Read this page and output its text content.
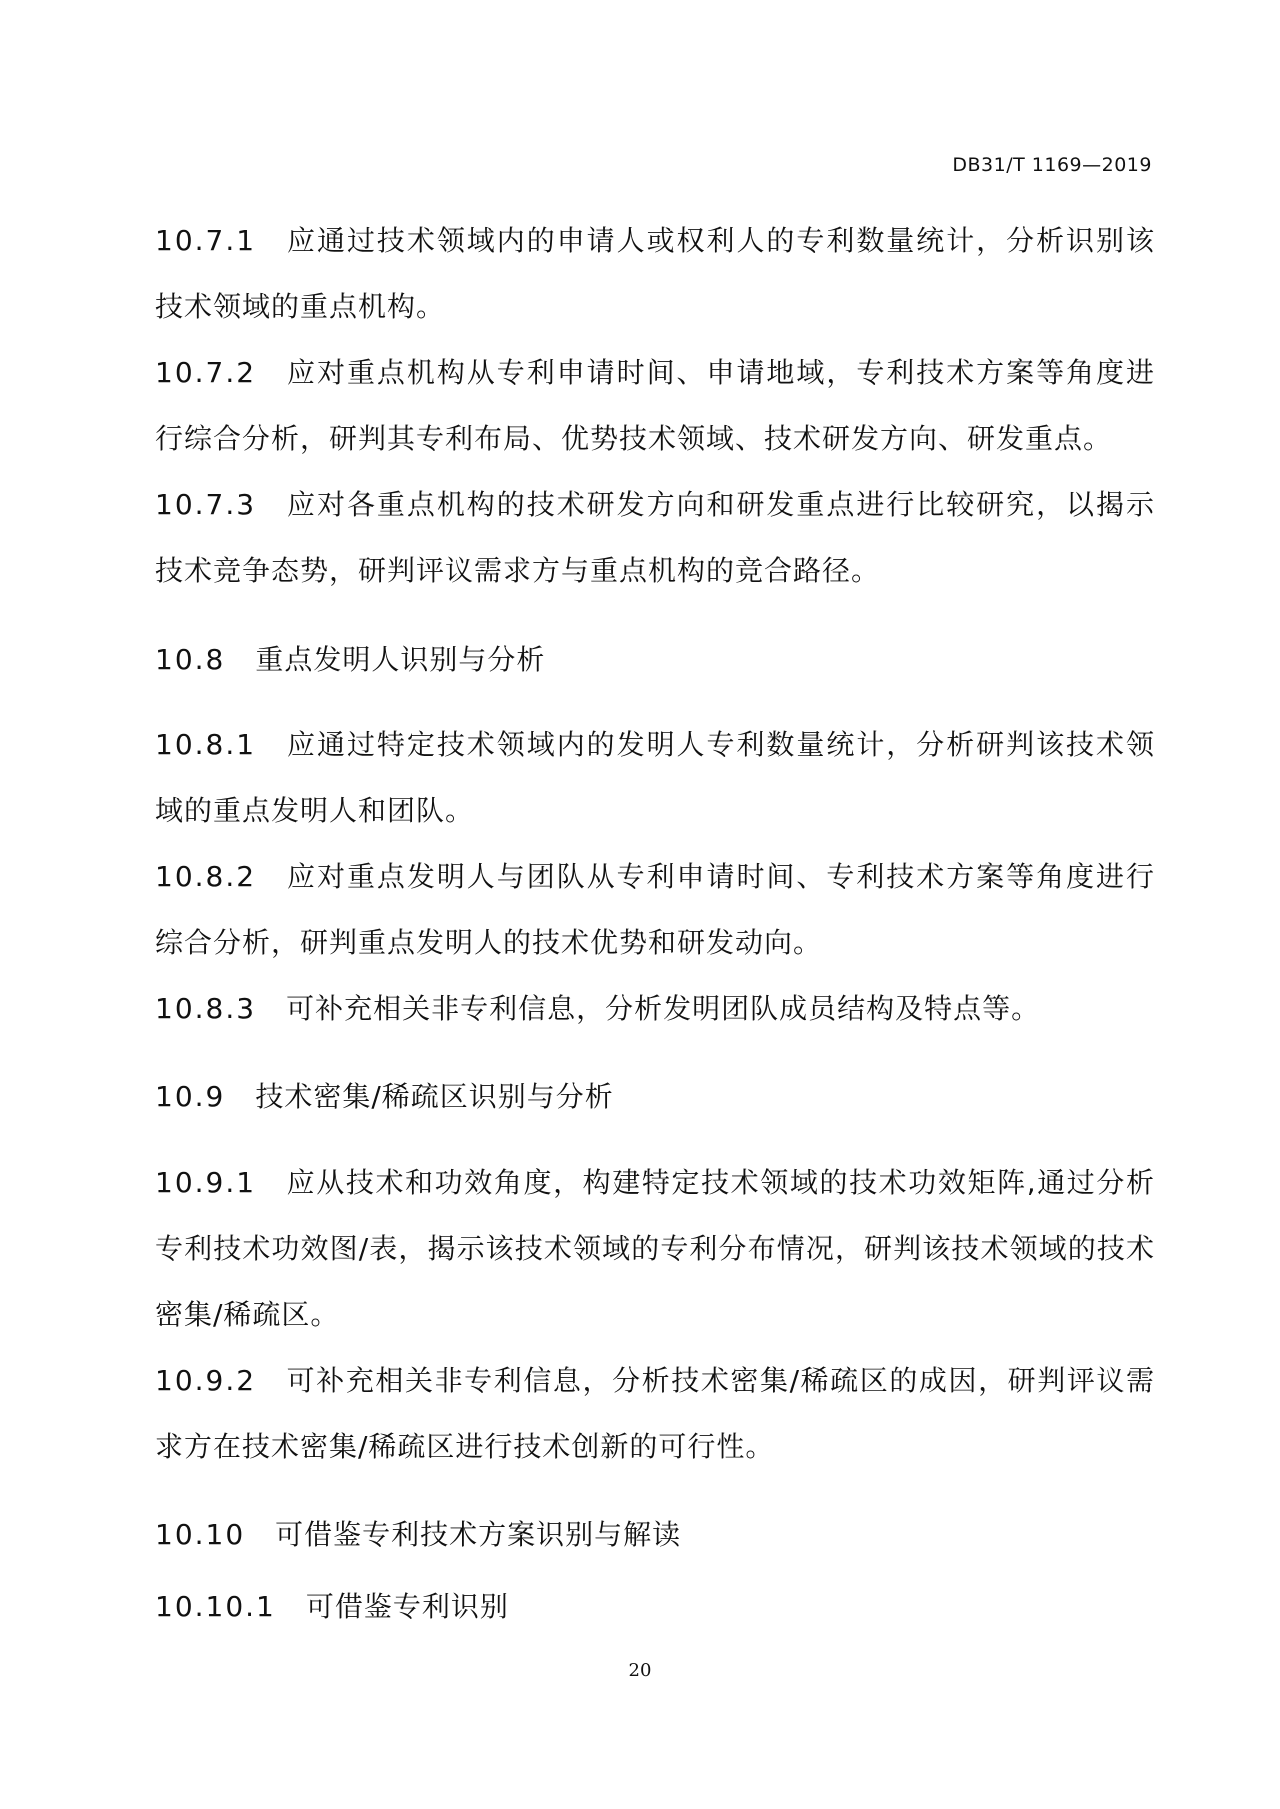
DB31/T 1169—2019
10.7.1 应通过技术领域内的申请人或权利人的专利数量统计，分析识别该技术领域的重点机构。
10.7.2 应对重点机构从专利申请时间、申请地域，专利技术方案等角度进行综合分析，研判其专利布局、优势技术领域、技术研发方向、研发重点。
10.7.3 应对各重点机构的技术研发方向和研发重点进行比较研究，以揭示技术竞争态势，研判评议需求方与重点机构的竞合路径。
10.8 重点发明人识别与分析
10.8.1 应通过特定技术领域内的发明人专利数量统计，分析研判该技术领域的重点发明人和团队。
10.8.2 应对重点发明人与团队从专利申请时间、专利技术方案等角度进行综合分析，研判重点发明人的技术优势和研发动向。
10.8.3 可补充相关非专利信息，分析发明团队成员结构及特点等。
10.9 技术密集/稀疏区识别与分析
10.9.1 应从技术和功效角度，构建特定技术领域的技术功效矩阵,通过分析专利技术功效图/表，揭示该技术领域的专利分布情况，研判该技术领域的技术密集/稀疏区。
10.9.2 可补充相关非专利信息，分析技术密集/稀疏区的成因，研判评议需求方在技术密集/稀疏区进行技术创新的可行性。
10.10 可借鉴专利技术方案识别与解读
10.10.1 可借鉴专利识别
20
